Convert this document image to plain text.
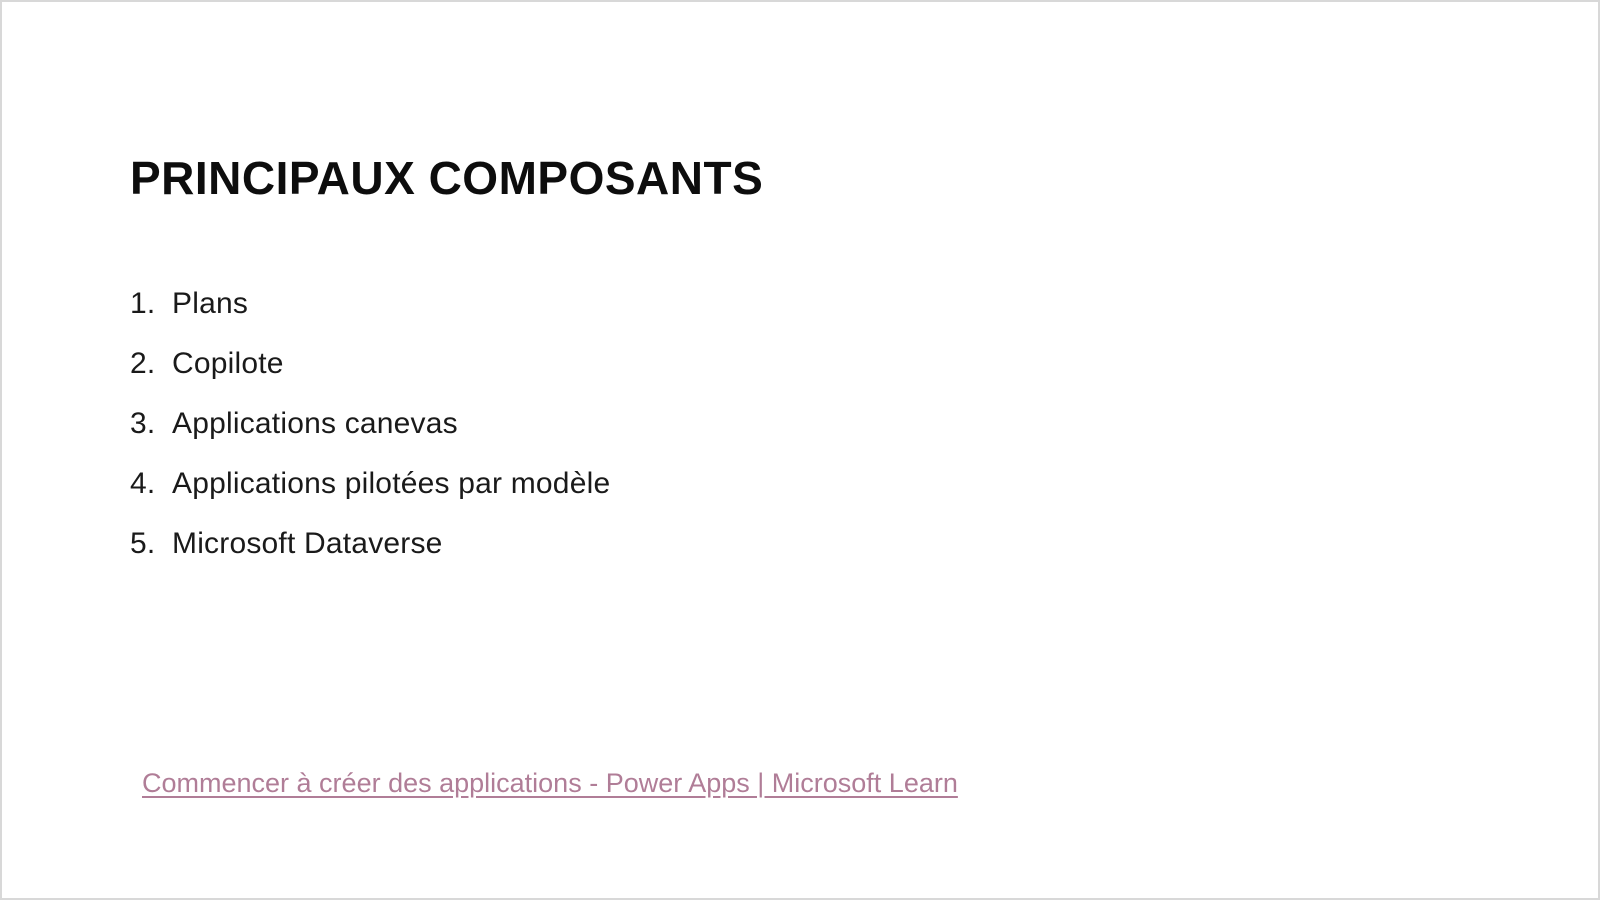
PRINCIPAUX COMPOSANTS
1. Plans
2. Copilote
3. Applications canevas
4. Applications pilotées par modèle
5. Microsoft Dataverse
Commencer à créer des applications - Power Apps | Microsoft Learn
